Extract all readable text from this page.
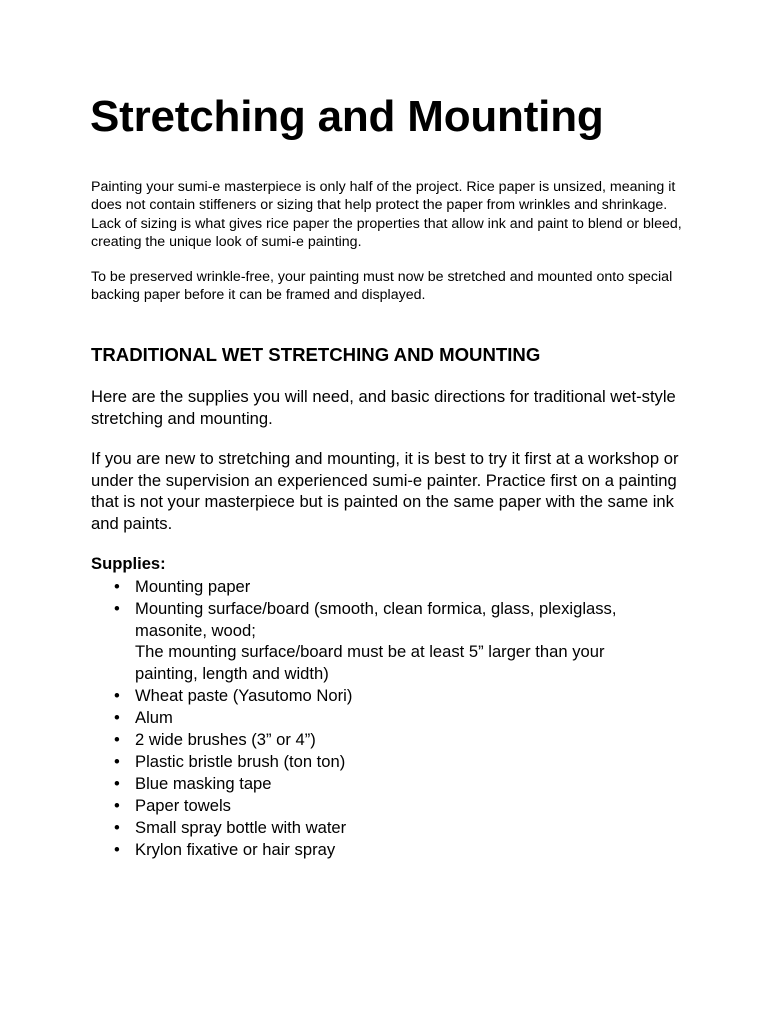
Stretching and Mounting

Painting your sumi-e masterpiece is only half of the project. Rice paper is unsized, meaning it does not contain stiffeners or sizing that help protect the paper from wrinkles and shrinkage. Lack of sizing is what gives rice paper the properties that allow ink and paint to blend or bleed, creating the unique look of sumi-e painting.

To be preserved wrinkle-free, your painting must now be stretched and mounted onto special backing paper before it can be framed and displayed.

TRADITIONAL WET STRETCHING AND MOUNTING

Here are the supplies you will need, and basic directions for traditional wet-style stretching and mounting.

If you are new to stretching and mounting, it is best to try it first at a workshop or under the supervision an experienced sumi-e painter. Practice first on a painting that is not your masterpiece but is painted on the same paper with the same ink and paints.

Supplies:

• Mounting paper
• Mounting surface/board (smooth, clean formica, glass, plexiglass, masonite, wood;
The mounting surface/board must be at least 5” larger than your painting, length and width)
• Wheat paste (Yasutomo Nori)
• Alum
• 2 wide brushes (3” or 4”)
• Plastic bristle brush (ton ton)
• Blue masking tape
• Paper towels
• Small spray bottle with water
• Krylon fixative or hair spray
